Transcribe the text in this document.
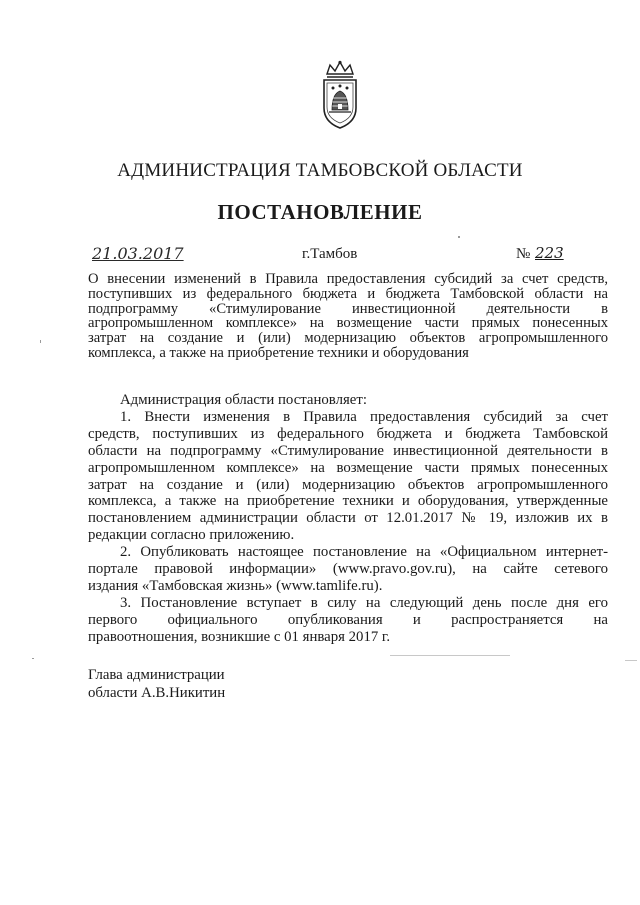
АДМИНИСТРАЦИЯ ТАМБОВСКОЙ ОБЛАСТИ
ПОСТАНОВЛЕНИЕ
21.03.2017	г.Тамбов	№ 223
О внесении изменений в Правила предоставления субсидий за счет средств,
поступивших из федерального бюджета и бюджета Тамбовской области на
подпрограмму «Стимулирование инвестиционной деятельности в
агропромышленном комплексе» на возмещение части прямых понесенных
затрат на создание и (или) модернизацию объектов агропромышленного
комплекса, а также на приобретение техники и оборудования
Администрация области постановляет:
1. Внести изменения в Правила предоставления субсидий за счет
средств, поступивших из федерального бюджета и бюджета Тамбовской
области на подпрограмму «Стимулирование инвестиционной деятельности в
агропромышленном комплексе» на возмещение части прямых понесенных
затрат на создание и (или) модернизацию объектов агропромышленного
комплекса, а также на приобретение техники и оборудования, утвержденные
постановлением администрации области от 12.01.2017 № 19, изложив их в
редакции согласно приложению.
2. Опубликовать настоящее постановление на «Официальном интернет-
портале правовой информации» (www.pravo.gov.ru), на сайте сетевого
издания «Тамбовская жизнь» (www.tamlife.ru).
3. Постановление вступает в силу на следующий день после дня его
первого официального опубликования и распространяется на
правоотношения, возникшие с 01 января 2017 г.
Глава администрации
области А.В.Никитин
